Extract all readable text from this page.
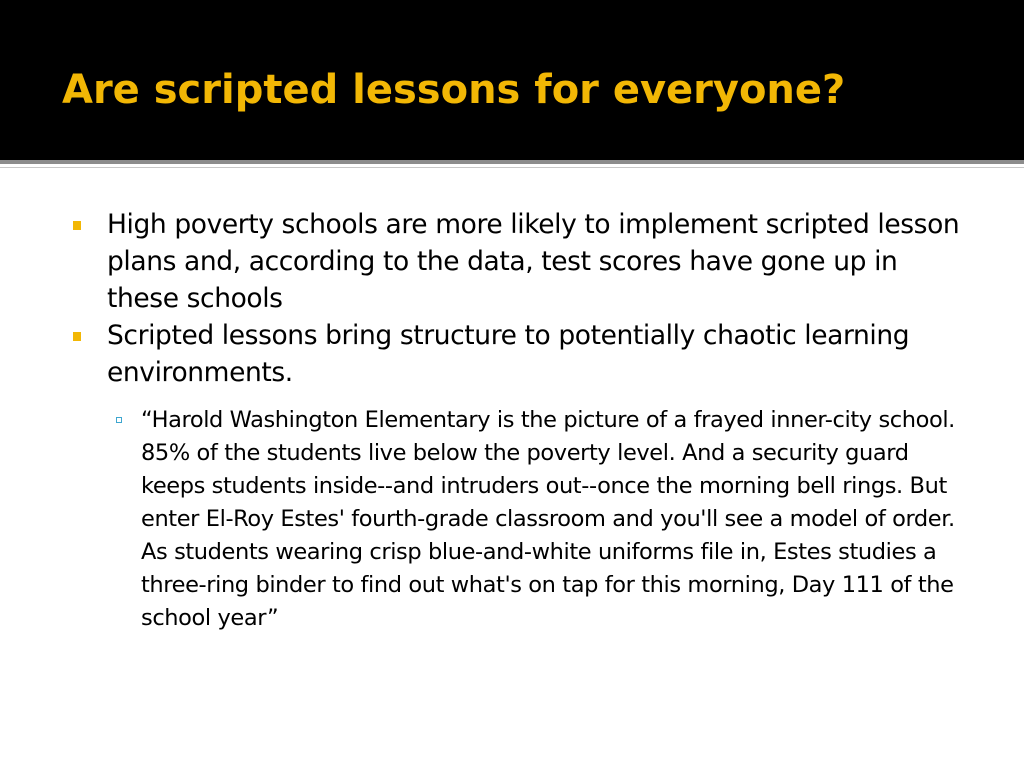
Are scripted lessons for everyone?
High poverty schools are more likely to implement scripted lesson plans and, according to the data, test scores have gone up in these schools
Scripted lessons bring structure to potentially chaotic learning environments.
“Harold Washington Elementary is the picture of a frayed inner-city school. 85% of the students live below the poverty level. And a security guard keeps students inside--and intruders out--once the morning bell rings. But enter El-Roy Estes' fourth-grade classroom and you'll see a model of order. As students wearing crisp blue-and-white uniforms file in, Estes studies a three-ring binder to find out what's on tap for this morning, Day 111 of the school year”
